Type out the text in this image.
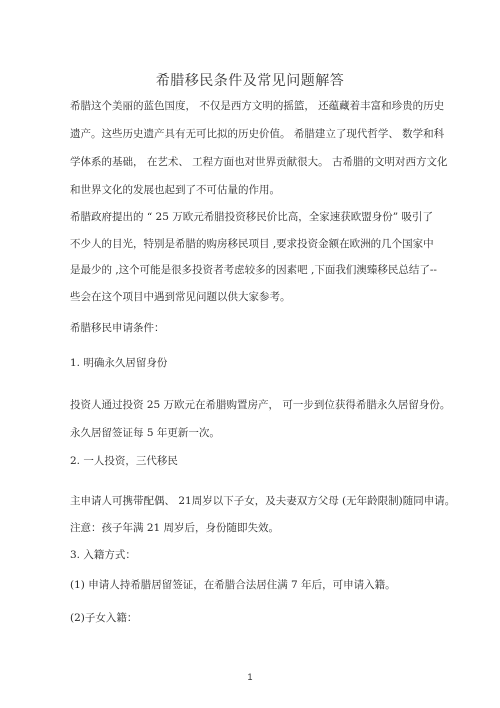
希腊移民条件及常见问题解答
希腊这个美丽的蓝色国度， 不仅是西方文明的摇篮， 还蕴藏着丰富和珍贵的历史
遗产。这些历史遗产具有无可比拟的历史价值。 希腊建立了现代哲学、 数学和科
学体系的基础， 在艺术、 工程方面也对世界贡献很大。 古希腊的文明对西方文化
和世界文化的发展也起到了不可估量的作用。
希腊政府提出的 “ 25 万欧元希腊投资移民价比高，全家速获欧盟身份” 吸引了
不少人的目光，特别是希腊的购房移民项目 ,要求投资金额在欧洲的几个国家中
是最少的 ,这个可能是很多投资者考虑较多的因素吧 ,下面我们澳臻移民总结了--
些会在这个项目中遇到常见问题以供大家参考。
希腊移民申请条件：
1. 明确永久居留身份
投资人通过投资 25 万欧元在希腊购置房产， 可一步到位获得希腊永久居留身份。
永久居留签证每 5 年更新一次。
2. 一人投资，三代移民
主申请人可携带配偶、 21周岁以下子女，及夫妻双方父母 (无年龄限制)随同申请。
注意：孩子年满 21 周岁后，身份随即失效。
3. 入籍方式：
(1) 申请人持希腊居留签证，在希腊合法居住满 7 年后，可申请入籍。
(2)子女入籍：
1
